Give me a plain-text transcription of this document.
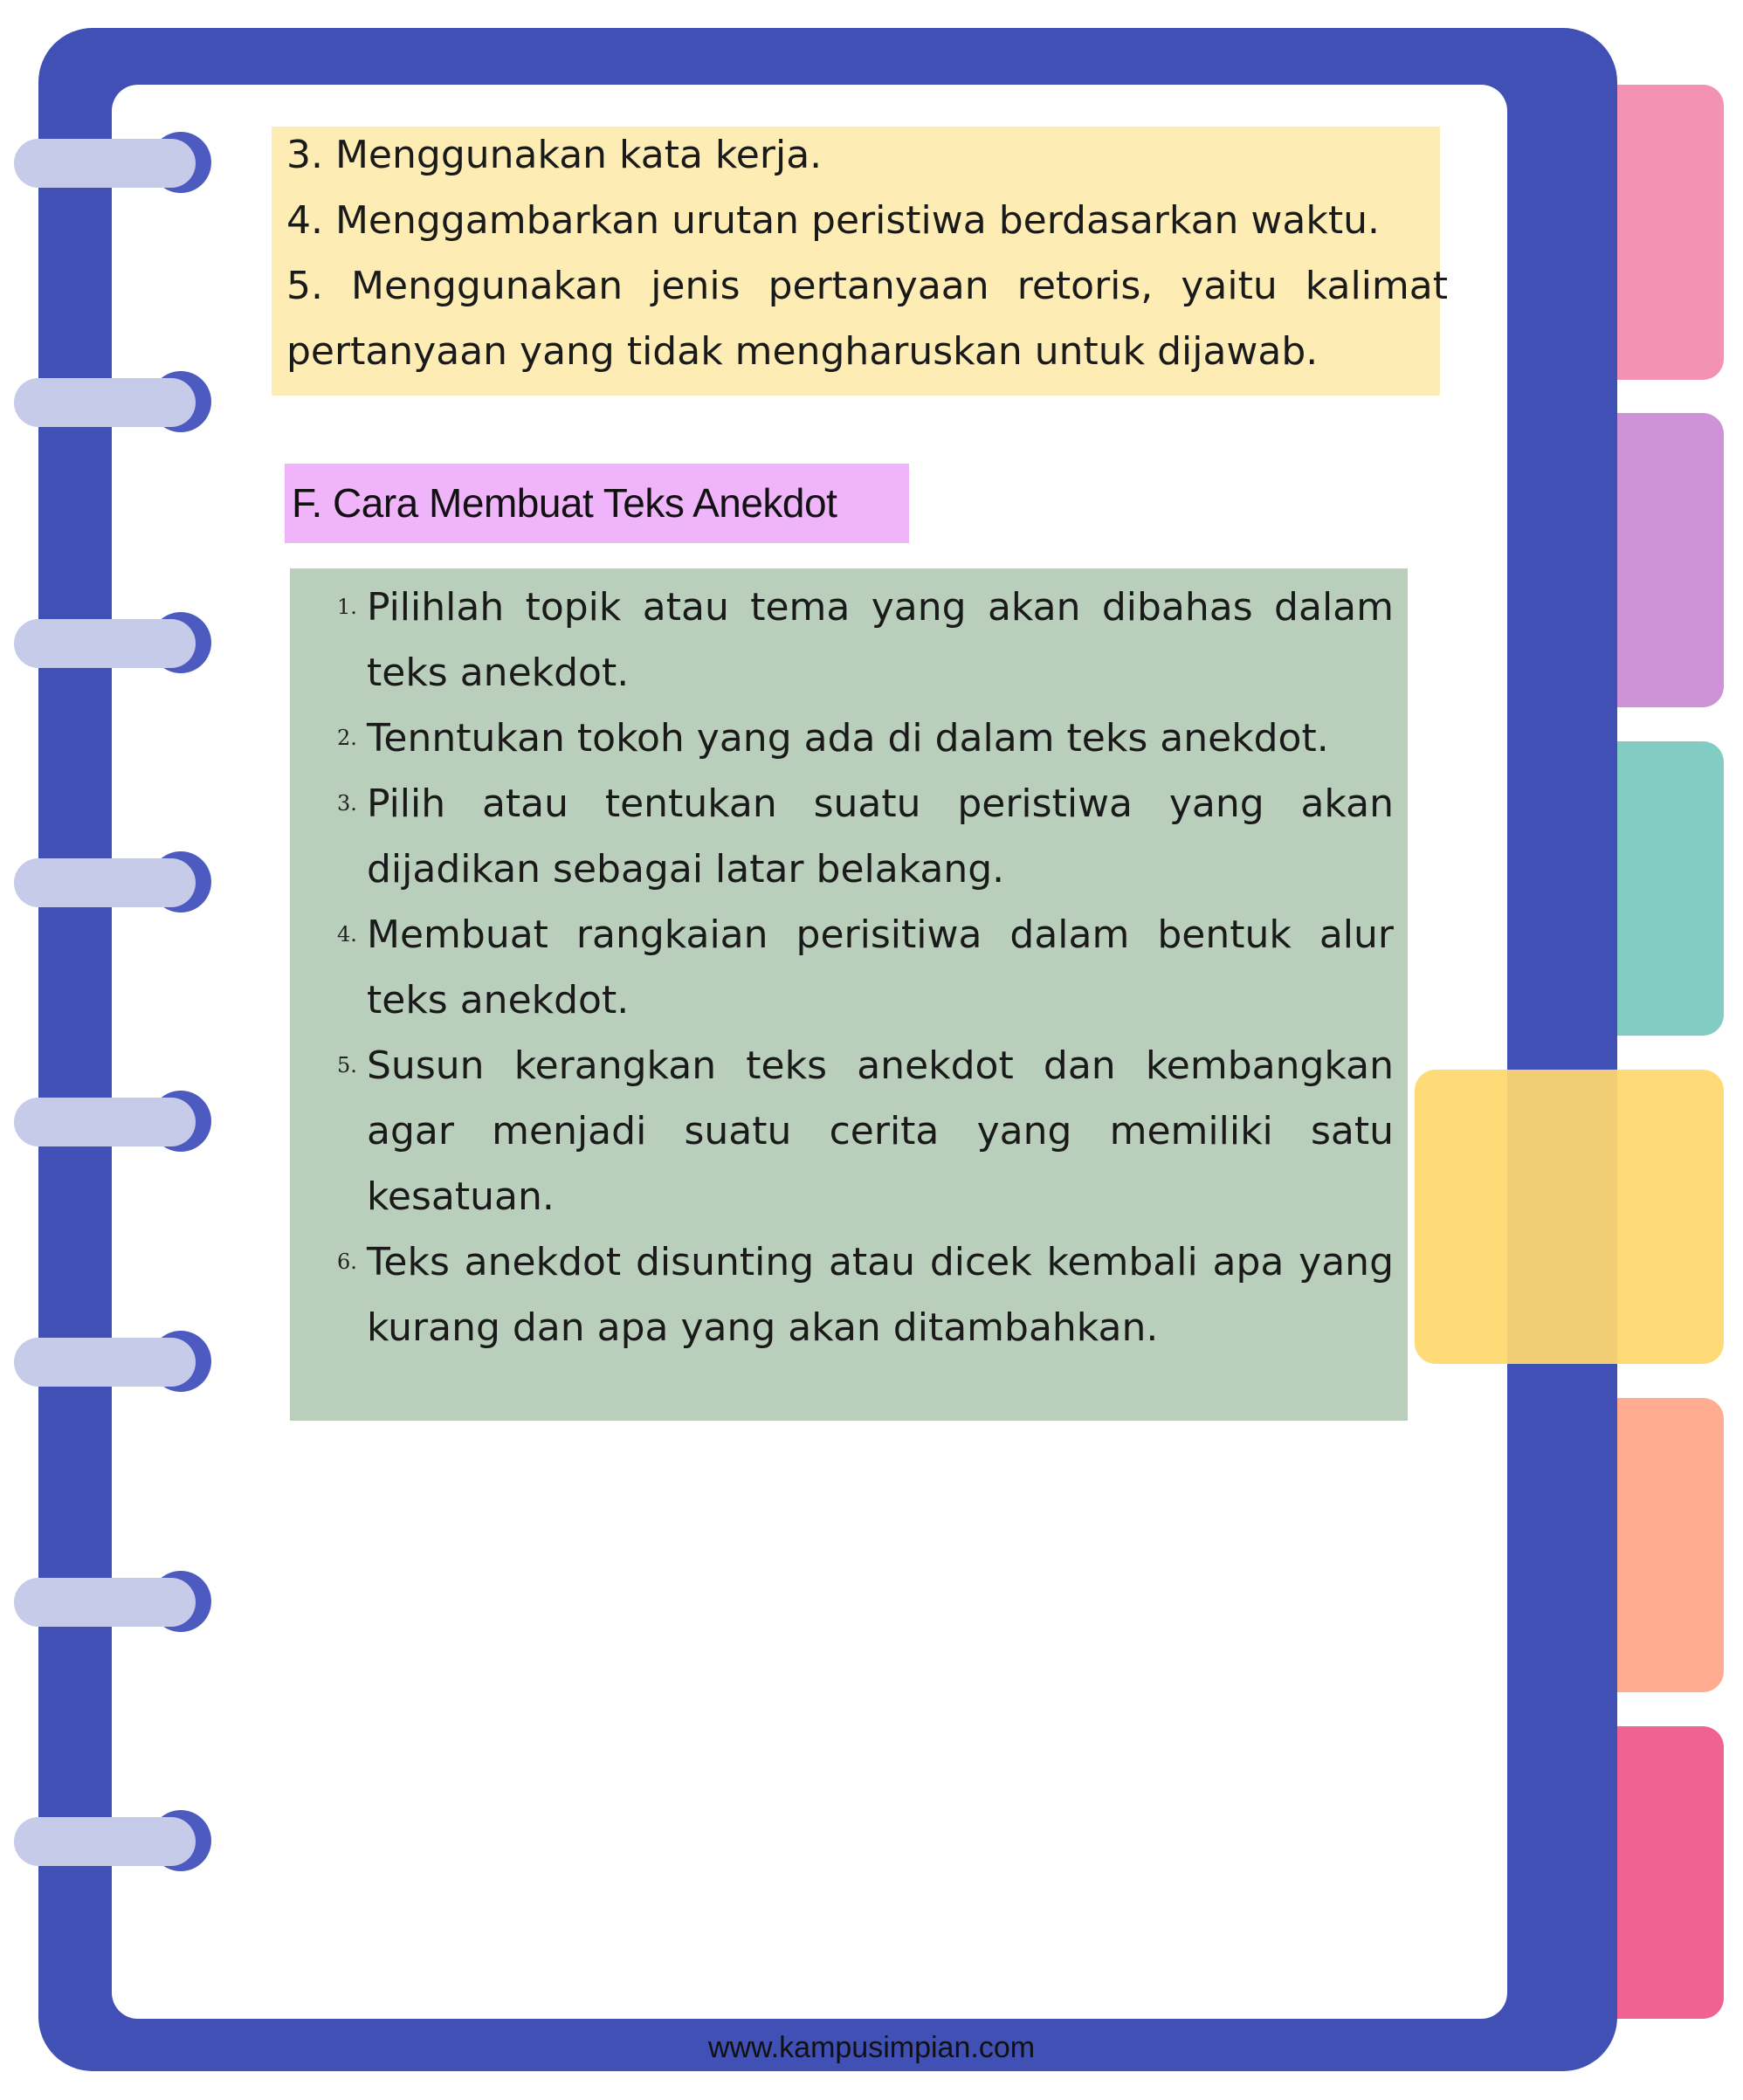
3. Menggunakan kata kerja.

4. Menggambarkan urutan peristiwa berdasarkan waktu.

5. Menggunakan jenis pertanyaan retoris, yaitu kalimat pertanyaan yang tidak mengharuskan untuk dijawab.

F. Cara Membuat Teks Anekdot
1. Pilihlah topik atau tema yang akan dibahas dalam teks anekdot.
2. Tenntukan tokoh yang ada di dalam teks anekdot.
3. Pilih atau tentukan suatu peristiwa yang akan dijadikan sebagai latar belakang.
4. Membuat rangkaian perisitiwa dalam bentuk alur teks anekdot.
5. Susun kerangkan teks anekdot dan kembangkan agar menjadi suatu cerita yang memiliki satu kesatuan.
6. Teks anekdot disunting atau dicek kembali apa yang kurang dan apa yang akan ditambahkan.
www.kampusimpian.com
